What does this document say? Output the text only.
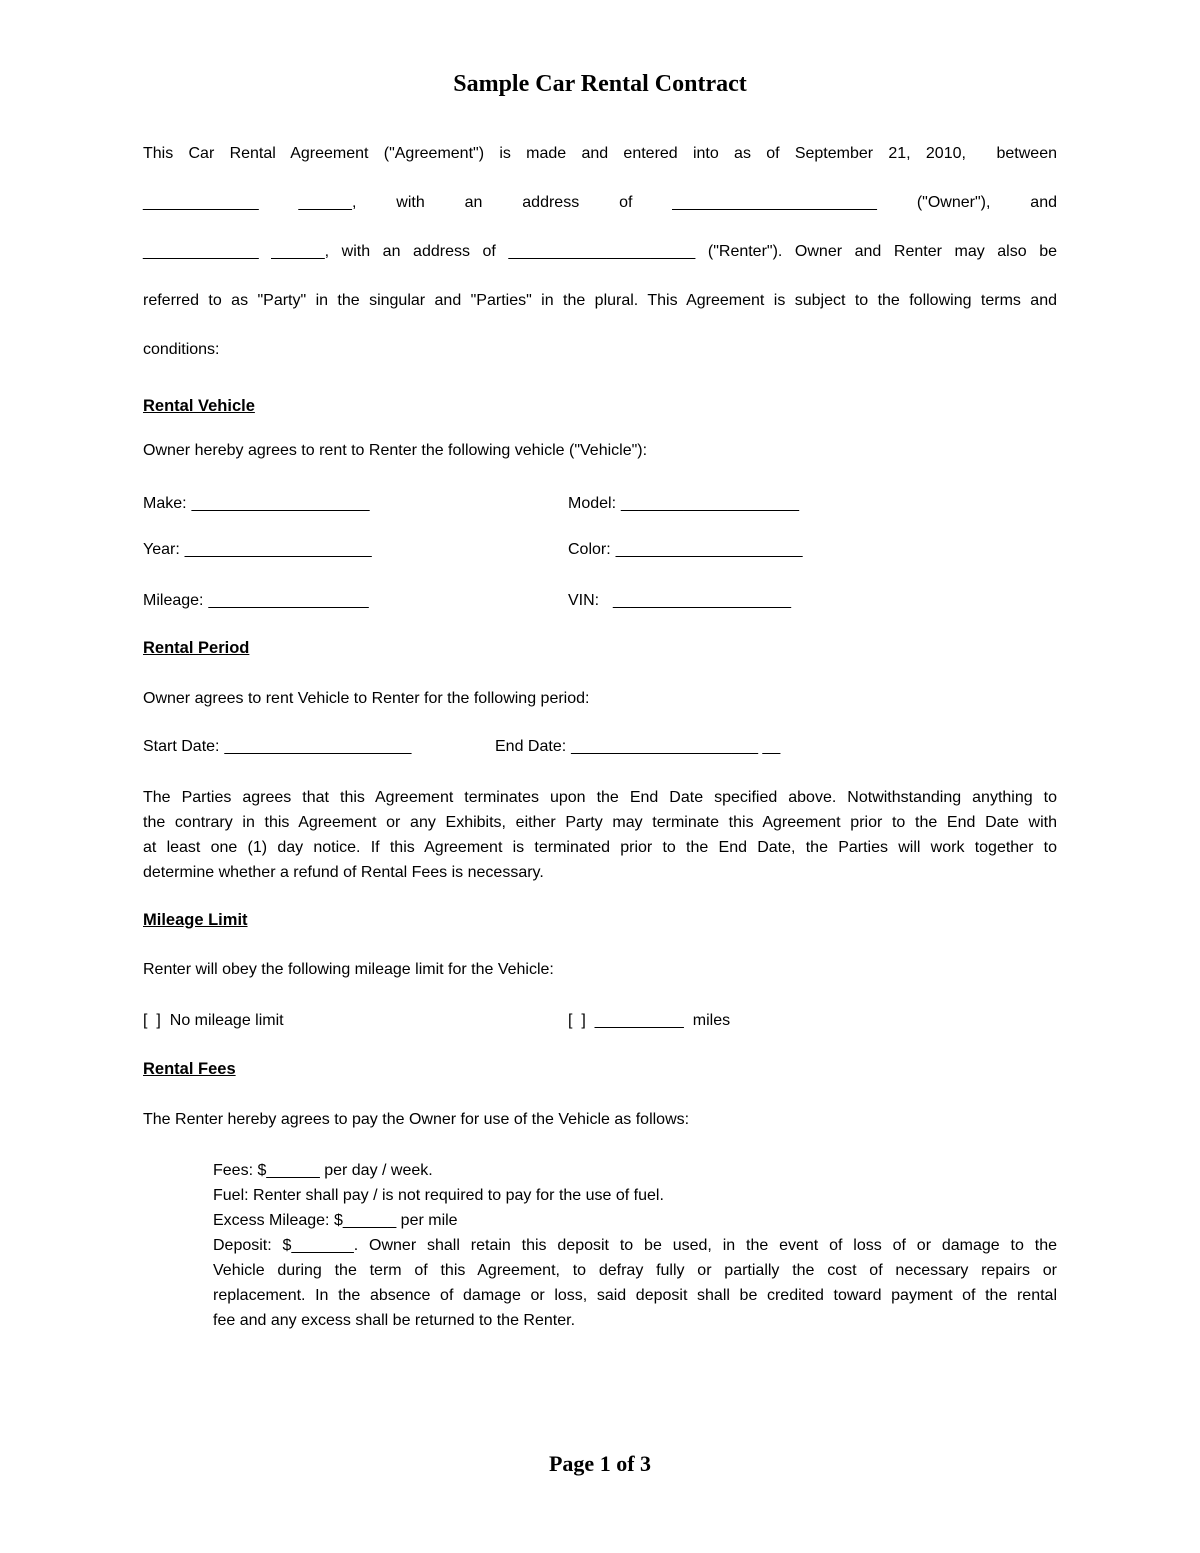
Sample Car Rental Contract
This Car Rental Agreement ("Agreement") is made and entered into as of September 21, 2010,  between
_____________ ______, with an address of _______________________ ("Owner"), and
_____________ ______, with an address of _____________________ ("Renter"). Owner and Renter may also be
referred to as "Party" in the singular and "Parties" in the plural. This Agreement is subject to the following terms and
conditions:
Rental Vehicle

Owner hereby agrees to rent to Renter the following vehicle ("Vehicle"):

Make: ____________________	Model: ____________________
Year: _____________________	Color: _____________________
Mileage: __________________	VIN:  ____________________
Rental Period

Owner agrees to rent Vehicle to Renter for the following period:

Start Date: _____________________	End Date: _____________________ __
The Parties agrees that this Agreement terminates upon the End Date specified above. Notwithstanding anything to
the contrary in this Agreement or any Exhibits, either Party may terminate this Agreement prior to the End Date with
at least one (1) day notice. If this Agreement is terminated prior to the End Date, the Parties will work together to
determine whether a refund of Rental Fees is necessary.
Mileage Limit

Renter will obey the following mileage limit for the Vehicle:

[  ] No mileage limit	[  ] __________ miles
Rental Fees

The Renter hereby agrees to pay the Owner for use of the Vehicle as follows:

Fees: $______ per day / week.
Fuel: Renter shall pay / is not required to pay for the use of fuel.
Excess Mileage: $______ per mile
Deposit: $_______. Owner shall retain this deposit to be used, in the event of loss of or damage to the
Vehicle during the term of this Agreement, to defray fully or partially the cost of necessary repairs or
replacement. In the absence of damage or loss, said deposit shall be credited toward payment of the rental
fee and any excess shall be returned to the Renter.
Page 1 of 3
